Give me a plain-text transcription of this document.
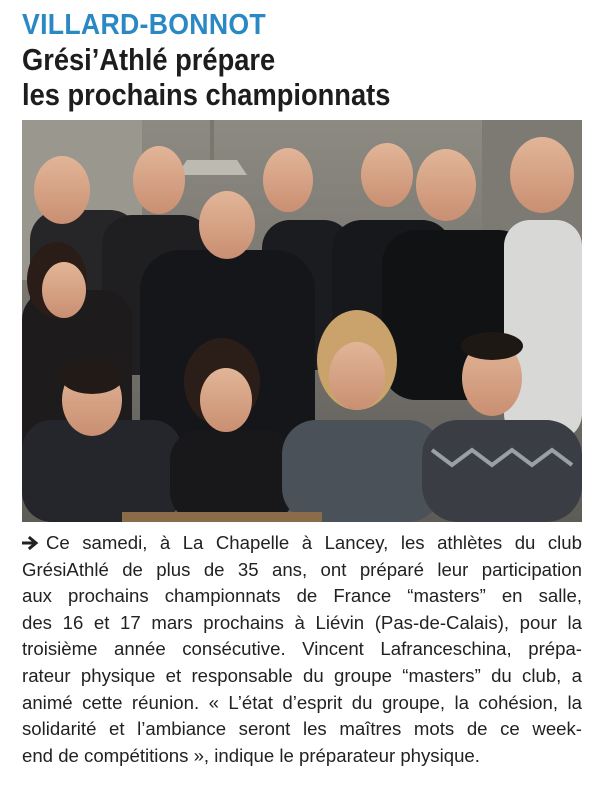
VILLARD-BONNOT
Grési’Athlé prépare
les prochains championnats
Ce samedi, à La Chapelle à Lancey, les athlètes du club
GrésiAthlé de plus de 35 ans, ont préparé leur participation
aux prochains championnats de France “masters” en salle,
des 16 et 17 mars prochains à Liévin (Pas-de-Calais), pour la
troisième année consécutive. Vincent Lafranceschina, prépa-
rateur physique et responsable du groupe “masters” du club, a
animé cette réunion. « L’état d’esprit du groupe, la cohésion, la
solidarité et l’ambiance seront les maîtres mots de ce week-
end de compétitions », indique le préparateur physique.
